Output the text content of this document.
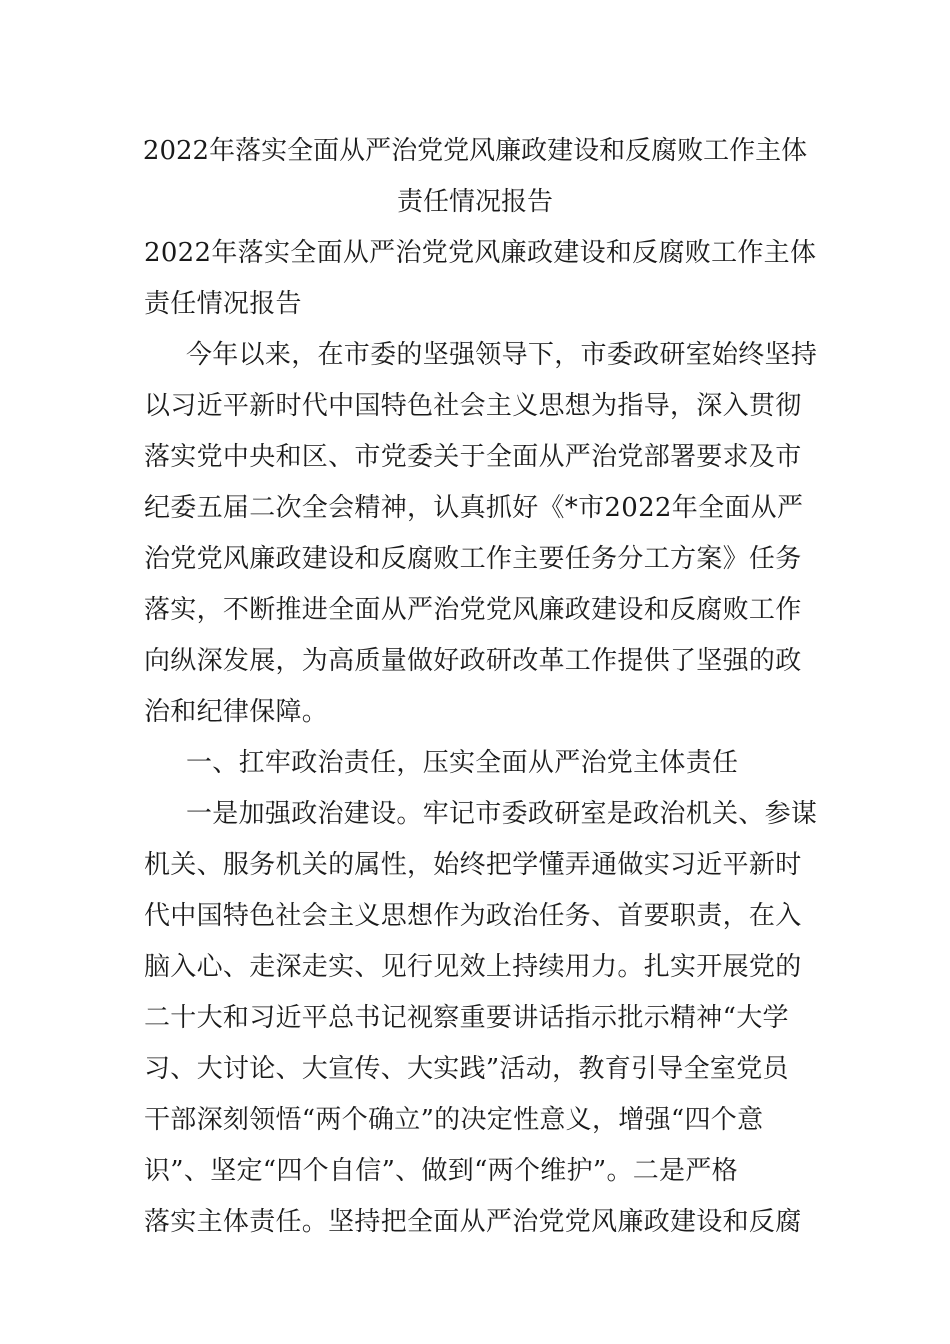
2022年落实全面从严治党党风廉政建设和反腐败工作主体
责任情况报告
2022年落实全面从严治党党风廉政建设和反腐败工作主体
责任情况报告
今年以来，在市委的坚强领导下，市委政研室始终坚持
以习近平新时代中国特色社会主义思想为指导，深入贯彻
落实党中央和区、市党委关于全面从严治党部署要求及市
纪委五届二次全会精神，认真抓好《*市2022年全面从严
治党党风廉政建设和反腐败工作主要任务分工方案》任务
落实，不断推进全面从严治党党风廉政建设和反腐败工作
向纵深发展，为高质量做好政研改革工作提供了坚强的政
治和纪律保障。
一、扛牢政治责任，压实全面从严治党主体责任
一是加强政治建设。牢记市委政研室是政治机关、参谋
机关、服务机关的属性，始终把学懂弄通做实习近平新时
代中国特色社会主义思想作为政治任务、首要职责，在入
脑入心、走深走实、见行见效上持续用力。扎实开展党的
二十大和习近平总书记视察重要讲话指示批示精神“大学
习、大讨论、大宣传、大实践”活动，教育引导全室党员
干部深刻领悟“两个确立”的决定性意义，增强“四个意
识”、坚定“四个自信”、做到“两个维护”。二是严格
落实主体责任。坚持把全面从严治党党风廉政建设和反腐
